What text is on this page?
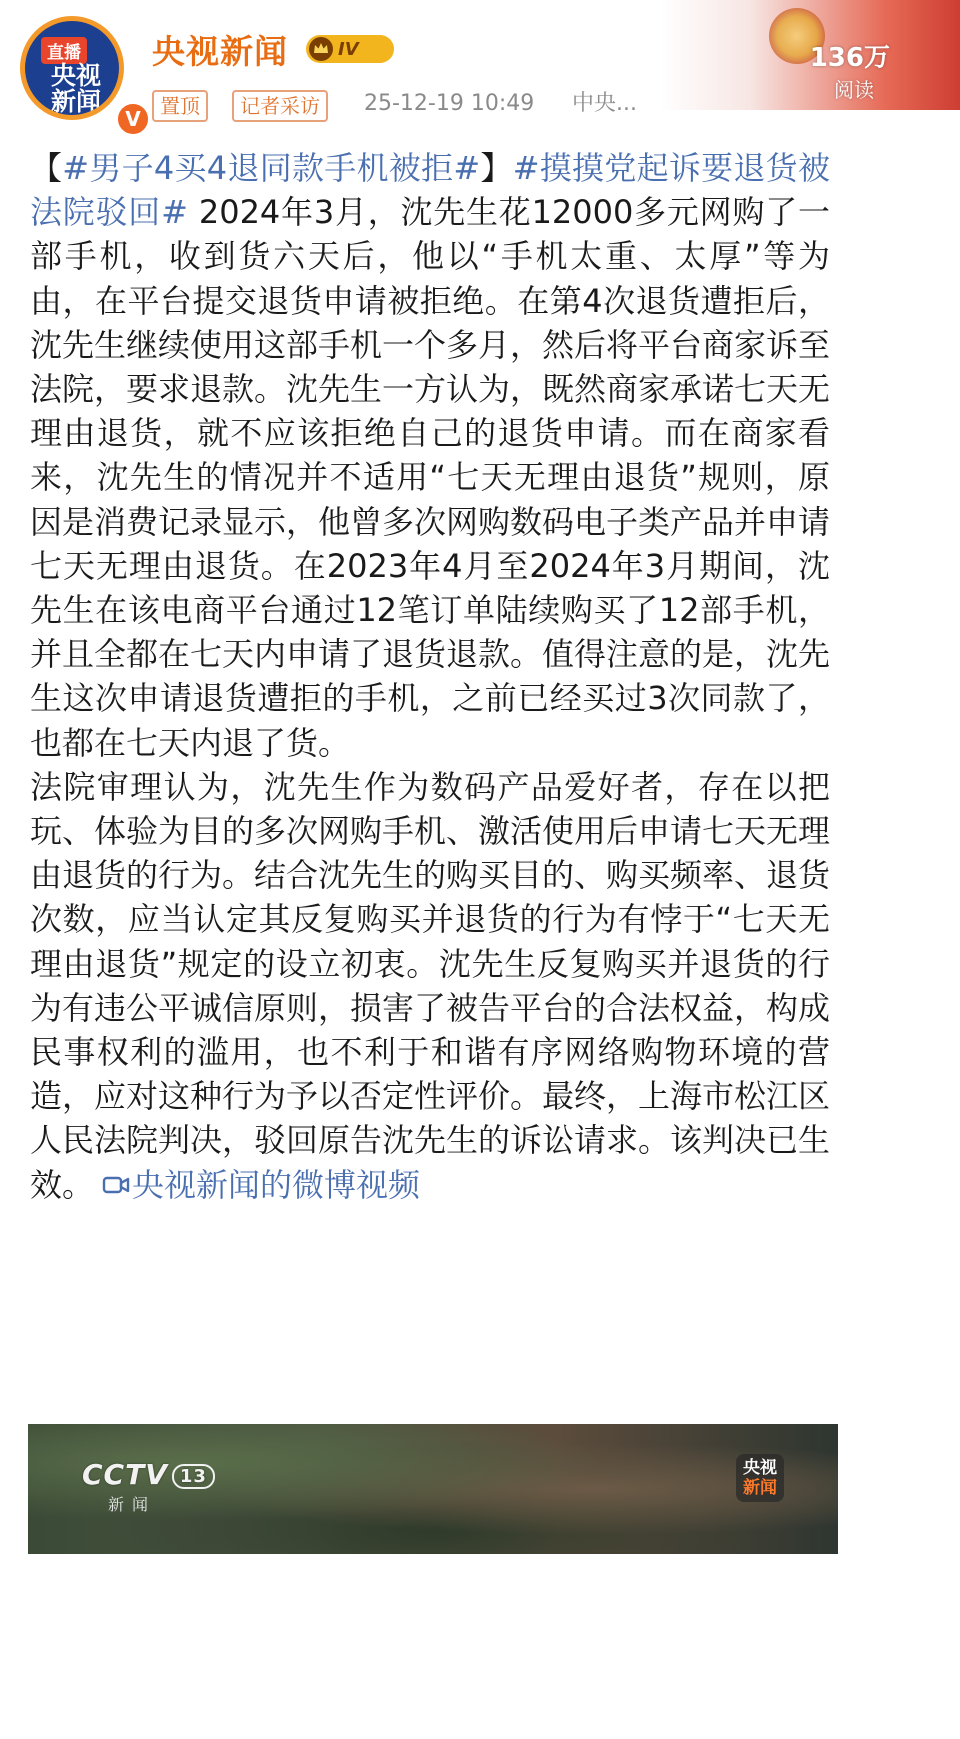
136万
阅读
直播
央视新闻
V
央视新闻	IV
置顶	记者采访	25-12-19 10:49 中央...
【#男子4买4退同款手机被拒#】#摸摸党起诉要退货被法院驳回# 2024年3月，沈先生花12000多元网购了一部手机，收到货六天后，他以“手机太重、太厚”等为由，在平台提交退货申请被拒绝。在第4次退货遭拒后，沈先生继续使用这部手机一个多月，然后将平台商家诉至法院，要求退款。沈先生一方认为，既然商家承诺七天无理由退货，就不应该拒绝自己的退货申请。而在商家看来，沈先生的情况并不适用“七天无理由退货”规则，原因是消费记录显示，他曾多次网购数码电子类产品并申请七天无理由退货。在2023年4月至2024年3月期间，沈先生在该电商平台通过12笔订单陆续购买了12部手机，并且全都在七天内申请了退货退款。值得注意的是，沈先生这次申请退货遭拒的手机，之前已经买过3次同款了，也都在七天内退了货。
法院审理认为，沈先生作为数码产品爱好者，存在以把玩、体验为目的多次网购手机、激活使用后申请七天无理由退货的行为。结合沈先生的购买目的、购买频率、退货次数，应当认定其反复购买并退货的行为有悖于“七天无理由退货”规定的设立初衷。沈先生反复购买并退货的行为有违公平诚信原则，损害了被告平台的合法权益，构成民事权利的滥用，也不利于和谐有序网络购物环境的营造，应对这种行为予以否定性评价。最终，上海市松江区人民法院判决，驳回原告沈先生的诉讼请求。该判决已生效。 央视新闻的微博视频
CCTV 13
新闻
央视
新闻
